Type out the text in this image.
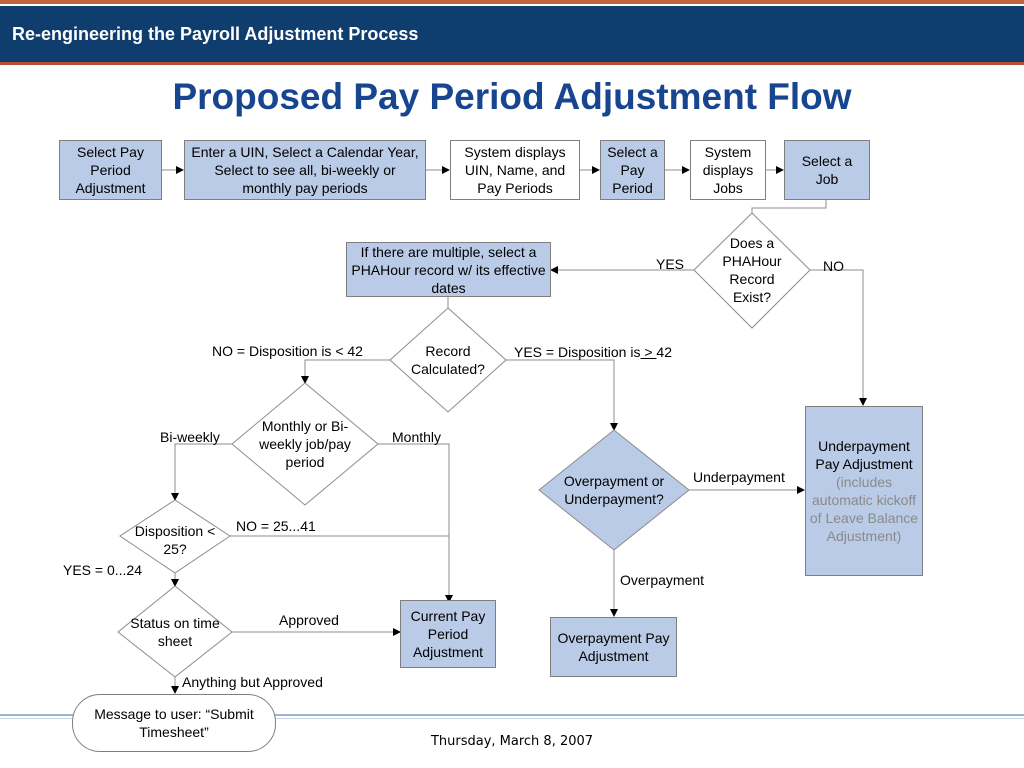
Re-engineering the Payroll Adjustment Process
Proposed Pay Period Adjustment Flow
Select Pay Period Adjustment
Enter a UIN, Select a Calendar Year, Select to see all, bi-weekly or monthly pay periods
System displays UIN, Name, and Pay Periods
Select a Pay Period
System displays Jobs
Select a Job
If there are multiple, select a PHAHour record w/ its effective dates
Underpayment Pay Adjustment
(includes automatic kickoff of Leave Balance Adjustment)
Current Pay Period Adjustment
Overpayment Pay Adjustment
Does a PHAHour Record Exist?
Record Calculated?
Monthly or Bi-weekly job/pay period
Overpayment or Underpayment?
Disposition < 25?
Status on time sheet
YES	NO
NO = Disposition is < 42	YES = Disposition is > 42
Bi-weekly	Monthly
Underpayment
Overpayment
NO = 25...41
YES = 0...24
Approved
Anything but Approved
Message to user: “Submit Timesheet”
Thursday, March 8, 2007
